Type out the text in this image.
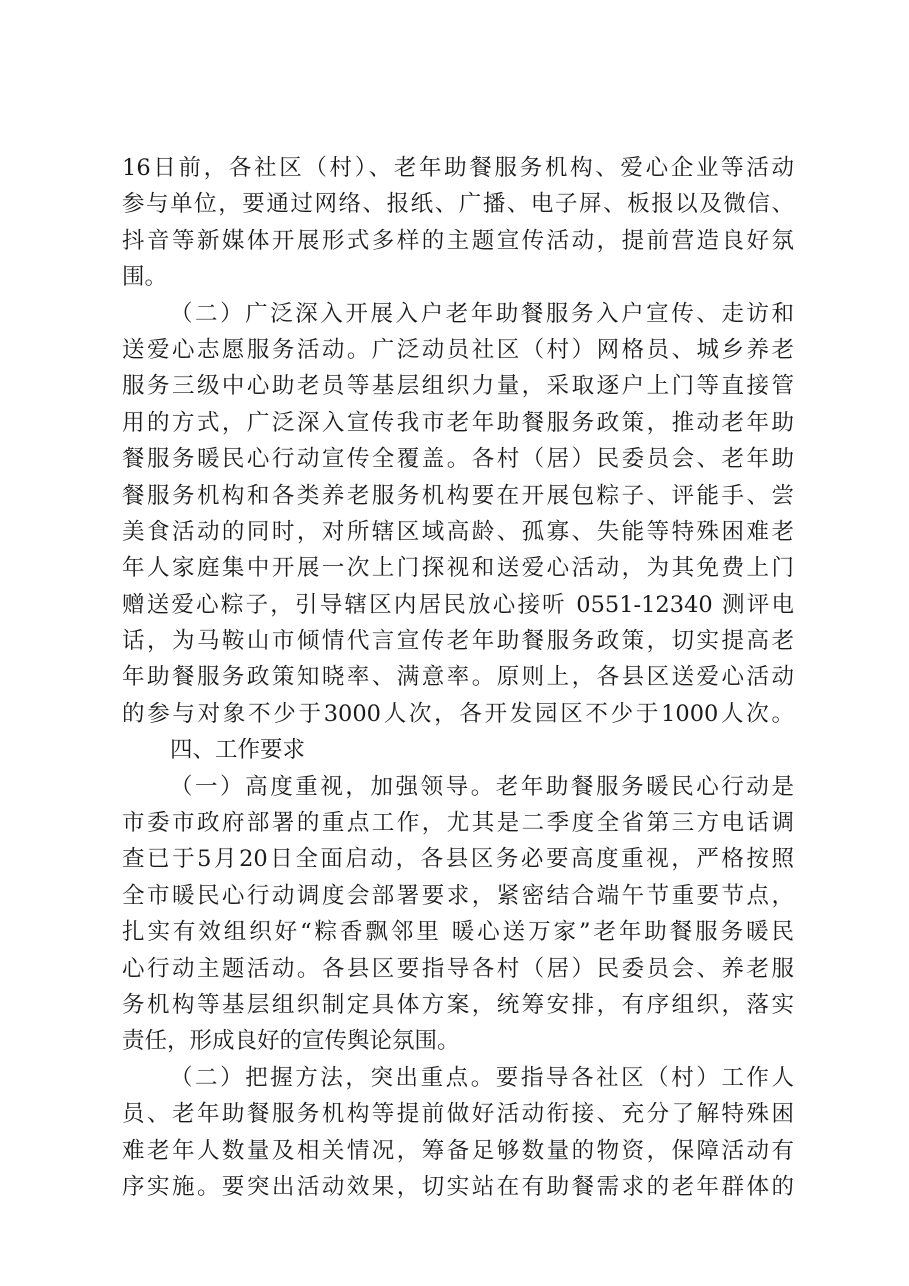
16日前，各社区（村）、老年助餐服务机构、爱心企业等活动
参与单位，要通过网络、报纸、广播、电子屏、板报以及微信、
抖音等新媒体开展形式多样的主题宣传活动，提前营造良好氛
围。
（二）广泛深入开展入户老年助餐服务入户宣传、走访和
送爱心志愿服务活动。广泛动员社区（村）网格员、城乡养老
服务三级中心助老员等基层组织力量，采取逐户上门等直接管
用的方式，广泛深入宣传我市老年助餐服务政策，推动老年助
餐服务暖民心行动宣传全覆盖。各村（居）民委员会、老年助
餐服务机构和各类养老服务机构要在开展包粽子、评能手、尝
美食活动的同时，对所辖区域高龄、孤寡、失能等特殊困难老
年人家庭集中开展一次上门探视和送爱心活动，为其免费上门
赠送爱心粽子，引导辖区内居民放心接听 0551-12340 测评电
话，为马鞍山市倾情代言宣传老年助餐服务政策，切实提高老
年助餐服务政策知晓率、满意率。原则上，各县区送爱心活动
的参与对象不少于3000人次，各开发园区不少于1000人次。
四、工作要求
（一）高度重视，加强领导。老年助餐服务暖民心行动是
市委市政府部署的重点工作，尤其是二季度全省第三方电话调
查已于5月20日全面启动，各县区务必要高度重视，严格按照
全市暖民心行动调度会部署要求，紧密结合端午节重要节点，
扎实有效组织好“粽香飘邻里 暖心送万家”老年助餐服务暖民
心行动主题活动。各县区要指导各村（居）民委员会、养老服
务机构等基层组织制定具体方案，统筹安排，有序组织，落实
责任，形成良好的宣传舆论氛围。
（二）把握方法，突出重点。要指导各社区（村）工作人
员、老年助餐服务机构等提前做好活动衔接、充分了解特殊困
难老年人数量及相关情况，筹备足够数量的物资，保障活动有
序实施。要突出活动效果，切实站在有助餐需求的老年群体的
